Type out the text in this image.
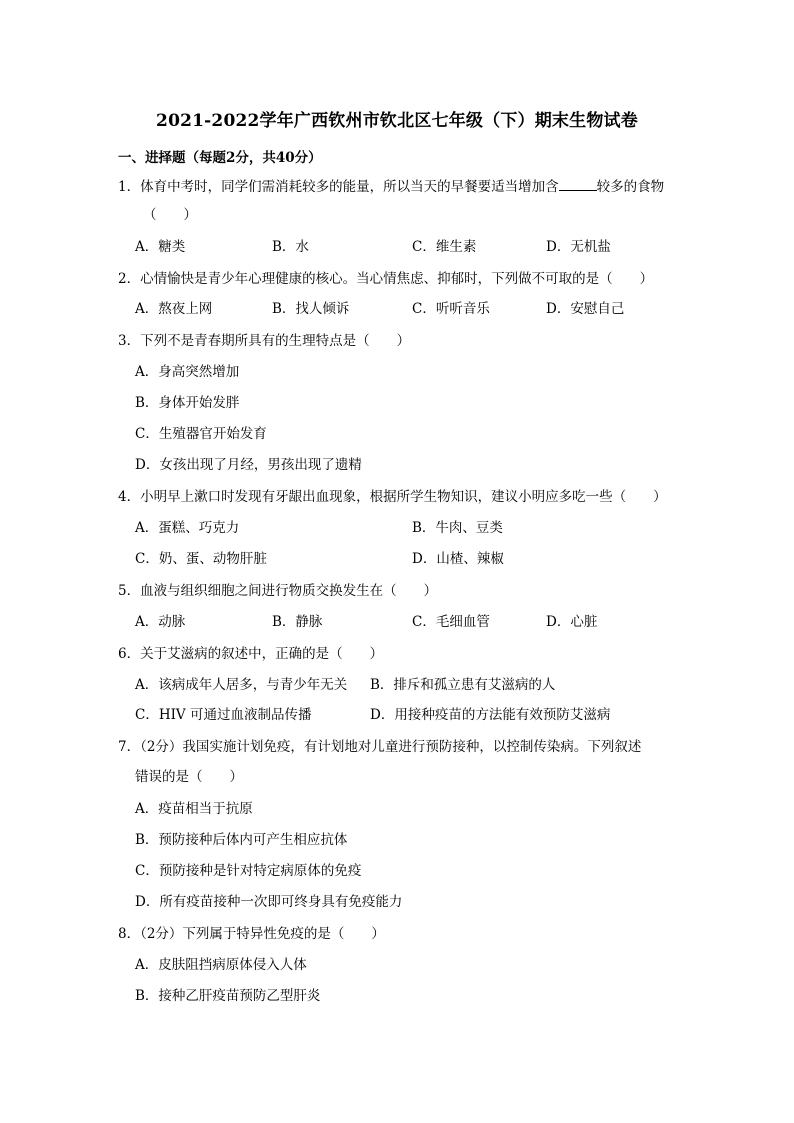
2021-2022学年广西钦州市钦北区七年级（下）期末生物试卷
一、进择题（每题2分，共40分）
1．体育中考时，同学们需消耗较多的能量，所以当天的早餐要适当增加含	较多的食物
（　　）
A．糖类	B．水	C．维生素	D．无机盐
2．心情愉快是青少年心理健康的核心。当心情焦虑、抑郁时，下列做不可取的是（　　）
A．熬夜上网	B．找人倾诉	C．听听音乐	D．安慰自己
3．下列不是青春期所具有的生理特点是（　　）
A．身高突然增加
B．身体开始发胖
C．生殖器官开始发育
D．女孩出现了月经，男孩出现了遗精
4．小明早上漱口时发现有牙龈出血现象，根据所学生物知识，建议小明应多吃一些（　　）
A．蛋糕、巧克力	B．牛肉、豆类
C．奶、蛋、动物肝脏	D．山楂、辣椒
5．血液与组织细胞之间进行物质交换发生在（　　）
A．动脉	B．静脉	C．毛细血管	D．心脏
6．关于艾滋病的叙述中，正确的是（　　）
A．该病成年人居多，与青少年无关 B．排斥和孤立患有艾滋病的人
C．HIV 可通过血液制品传播	D．用接种疫苗的方法能有效预防艾滋病
7．（2分）我国实施计划免疫，有计划地对儿童进行预防接种，以控制传染病。下列叙述
错误的是（　　）
A．疫苗相当于抗原
B．预防接种后体内可产生相应抗体
C．预防接种是针对特定病原体的免疫
D．所有疫苗接种一次即可终身具有免疫能力
8．（2分）下列属于特异性免疫的是（　　）
A．皮肤阻挡病原体侵入人体
B．接种乙肝疫苗预防乙型肝炎
